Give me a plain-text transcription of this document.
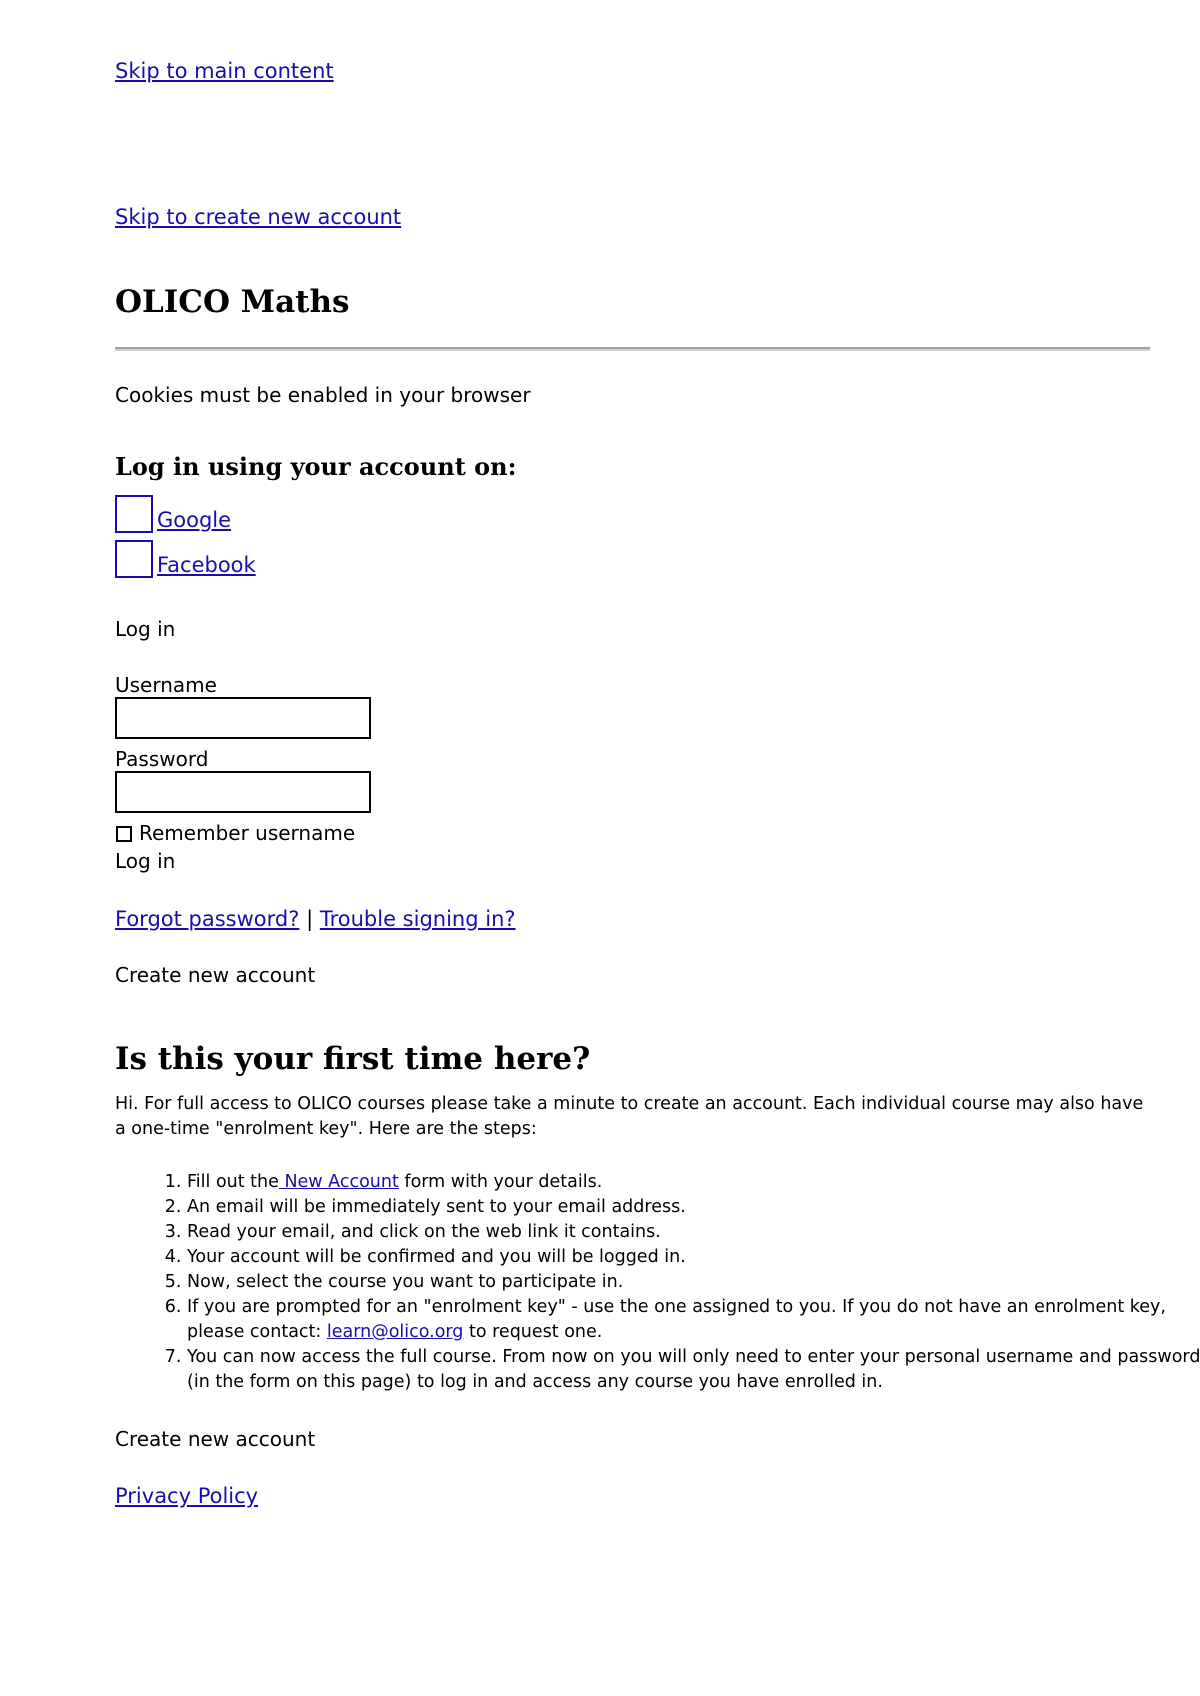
Skip to main content
Skip to create new account
OLICO Maths
Cookies must be enabled in your browser
Log in using your account on:
Google
Facebook
Log in
Username
Password
Remember username
Log in
Forgot password? | Trouble signing in?
Create new account
Is this your first time here?

Hi. For full access to OLICO courses please take a minute to create an account. Each individual course may also have a one-time "enrolment key". Here are the steps:

1. Fill out the New Account form with your details.
2. An email will be immediately sent to your email address.
3. Read your email, and click on the web link it contains.
4. Your account will be confirmed and you will be logged in.
5. Now, select the course you want to participate in.
6. If you are prompted for an "enrolment key" - use the one assigned to you. If you do not have an enrolment key, please contact: learn@olico.org to request one.
7. You can now access the full course. From now on you will only need to enter your personal username and password (in the form on this page) to log in and access any course you have enrolled in.
Create new account
Privacy Policy
